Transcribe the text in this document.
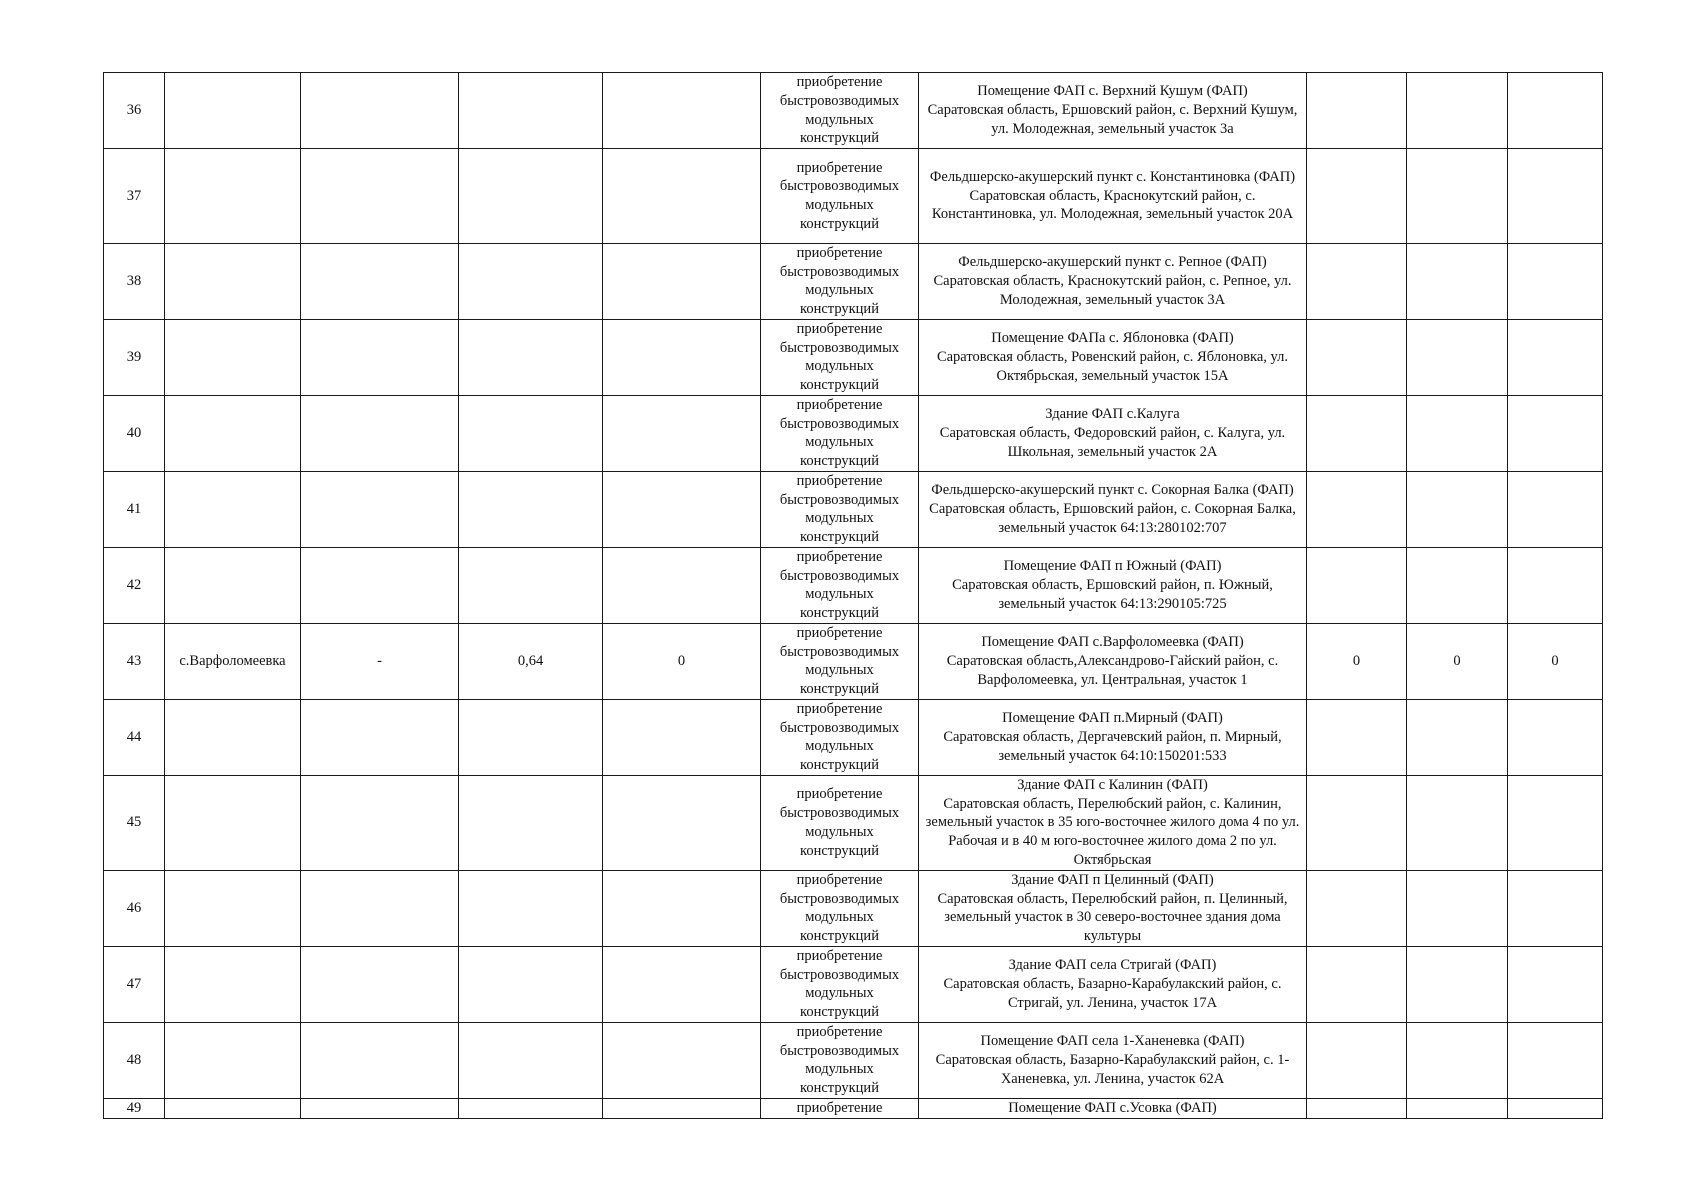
36					приобретение
быстровозводимых
модульных
конструкций	Помещение ФАП с. Верхний Кушум (ФАП)
Саратовская область, Ершовский район, с. Верхний Кушум, ул. Молодежная, земельный участок 3а			
37					приобретение
быстровозводимых
модульных
конструкций	Фельдшерско-акушерский пункт с. Константиновка (ФАП)
Саратовская область, Краснокутский район, с. Константиновка, ул. Молодежная, земельный участок 20А			
38					приобретение
быстровозводимых
модульных
конструкций	Фельдшерско-акушерский пункт с. Репное (ФАП)
Саратовская область, Краснокутский район, с. Репное, ул. Молодежная, земельный участок 3А			
39					приобретение
быстровозводимых
модульных
конструкций	Помещение ФАПа с. Яблоновка (ФАП)
Саратовская область, Ровенский район, с. Яблоновка, ул. Октябрьская, земельный участок 15А			
40					приобретение
быстровозводимых
модульных
конструкций	Здание ФАП с.Калуга
Саратовская область, Федоровский район, с. Калуга, ул. Школьная, земельный участок 2А			
41					приобретение
быстровозводимых
модульных
конструкций	Фельдшерско-акушерский пункт с. Сокорная Балка (ФАП)
Саратовская область, Ершовский район, с. Сокорная Балка, земельный участок 64:13:280102:707			
42					приобретение
быстровозводимых
модульных
конструкций	Помещение ФАП п Южный (ФАП)
Саратовская область, Ершовский район, п. Южный, земельный участок 64:13:290105:725			
43	с.Варфоломеевка	-	0,64	0	приобретение
быстровозводимых
модульных
конструкций	Помещение ФАП с.Варфоломеевка (ФАП)
Саратовская область,Александрово-Гайский район, с. Варфоломеевка, ул. Центральная, участок 1	0	0	0
44					приобретение
быстровозводимых
модульных
конструкций	Помещение ФАП п.Мирный (ФАП)
Саратовская область, Дергачевский район, п. Мирный, земельный участок 64:10:150201:533			
45					приобретение
быстровозводимых
модульных
конструкций	Здание ФАП с Калинин (ФАП)
Саратовская область, Перелюбский район, с. Калинин, земельный участок в 35 юго-восточнее жилого дома 4 по ул. Рабочая и в 40 м юго-восточнее жилого дома 2 по ул. Октябрьская			
46					приобретение
быстровозводимых
модульных
конструкций	Здание ФАП п Целинный (ФАП)
Саратовская область, Перелюбский район, п. Целинный, земельный участок в 30 северо-восточнее здания дома культуры			
47					приобретение
быстровозводимых
модульных
конструкций	Здание ФАП села Стригай (ФАП)
Саратовская область, Базарно-Карабулакский район, с. Стригай, ул. Ленина, участок 17А			
48					приобретение
быстровозводимых
модульных
конструкций	Помещение ФАП села 1-Ханеневка (ФАП)
Саратовская область, Базарно-Карабулакский район, с. 1-Ханеневка, ул. Ленина, участок 62А			
49					приобретение	Помещение ФАП с.Усовка (ФАП)			
